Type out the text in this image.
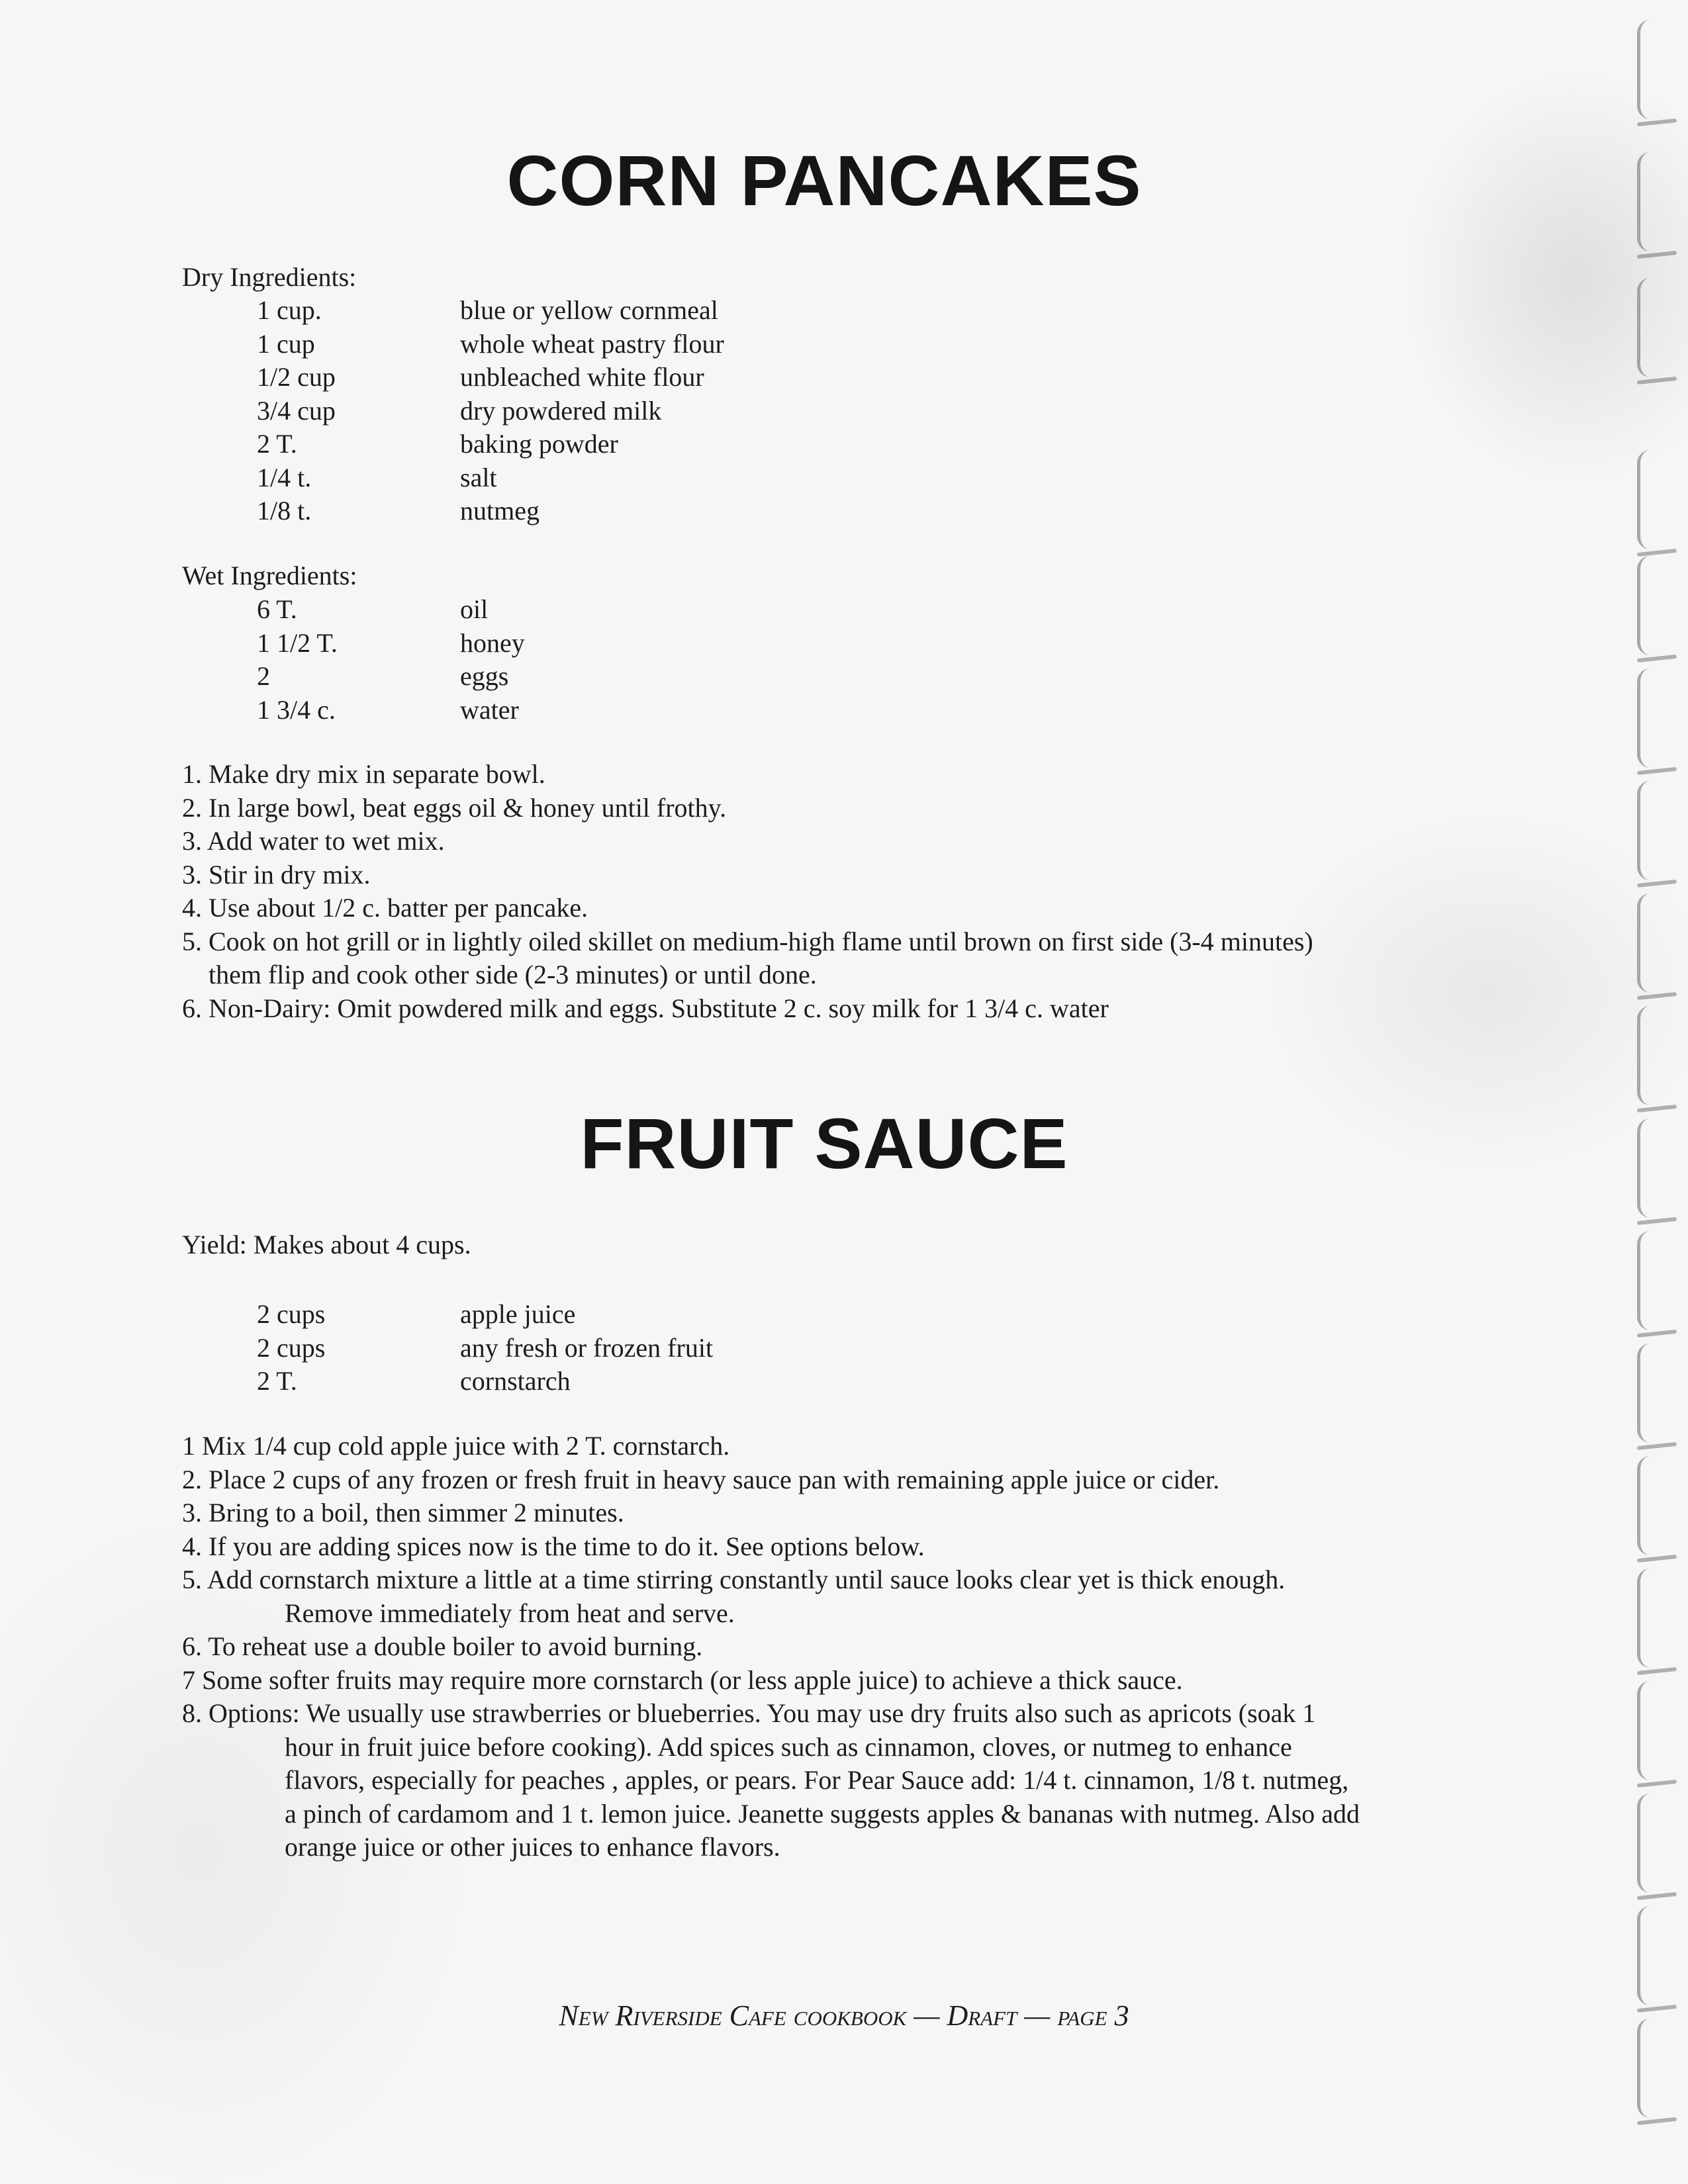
CORN PANCAKES

Dry Ingredients:

1 cup.	blue or yellow cornmeal
1 cup	whole wheat pastry flour
1/2 cup	unbleached white flour
3/4 cup	dry powdered milk
2 T.	baking powder
1/4 t.	salt
1/8 t.	nutmeg

Wet Ingredients:

6 T.	oil
1 1/2 T.	honey
2	eggs
1 3/4 c.	water
1. Make dry mix in separate bowl.
2. In large bowl, beat eggs oil & honey until frothy.
3. Add water to wet mix.
3. Stir in dry mix.
4. Use about 1/2 c. batter per pancake.
5. Cook on hot grill or in lightly oiled skillet on medium-high flame until brown on first side (3-4 minutes)
them flip and cook other side (2-3 minutes) or until done.
6. Non-Dairy: Omit powdered milk and eggs. Substitute 2 c. soy milk for 1 3/4 c. water
FRUIT SAUCE

Yield: Makes about 4 cups.

2 cups	apple juice
2 cups	any fresh or frozen fruit
2 T.	cornstarch
1 Mix 1/4 cup cold apple juice with 2 T. cornstarch.
2. Place 2 cups of any frozen or fresh fruit in heavy sauce pan with remaining apple juice or cider.
3. Bring to a boil, then simmer 2 minutes.
4. If you are adding spices now is the time to do it. See options below.
5. Add cornstarch mixture a little at a time stirring constantly until sauce looks clear yet is thick enough.
Remove immediately from heat and serve.
6. To reheat use a double boiler to avoid burning.
7 Some softer fruits may require more cornstarch (or less apple juice) to achieve a thick sauce.
8. Options: We usually use strawberries or blueberries. You may use dry fruits also such as apricots (soak 1
hour in fruit juice before cooking). Add spices such as cinnamon, cloves, or nutmeg to enhance
flavors, especially for peaches , apples, or pears. For Pear Sauce add: 1/4 t. cinnamon, 1/8 t. nutmeg,
a pinch of cardamom and 1 t. lemon juice. Jeanette suggests apples & bananas with nutmeg. Also add
orange juice or other juices to enhance flavors.

New Riverside Cafe cookbook — Draft — page 3
